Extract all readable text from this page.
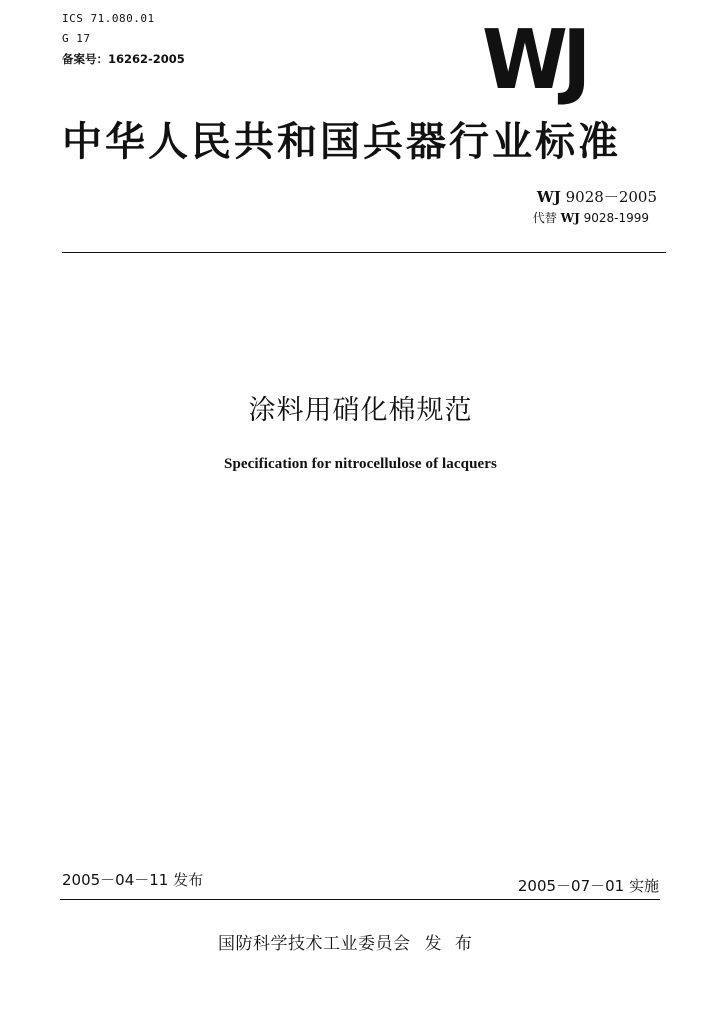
ICS 71.080.01
G 17
备案号：16262-2005	WJ
中华人民共和国兵器行业标准
WJ 9028－2005
代替 WJ 9028-1999
涂料用硝化棉规范
Specification for nitrocellulose of lacquers
2005－04－11 发布	2005－07－01 实施
国防科学技术工业委员会 发 布
